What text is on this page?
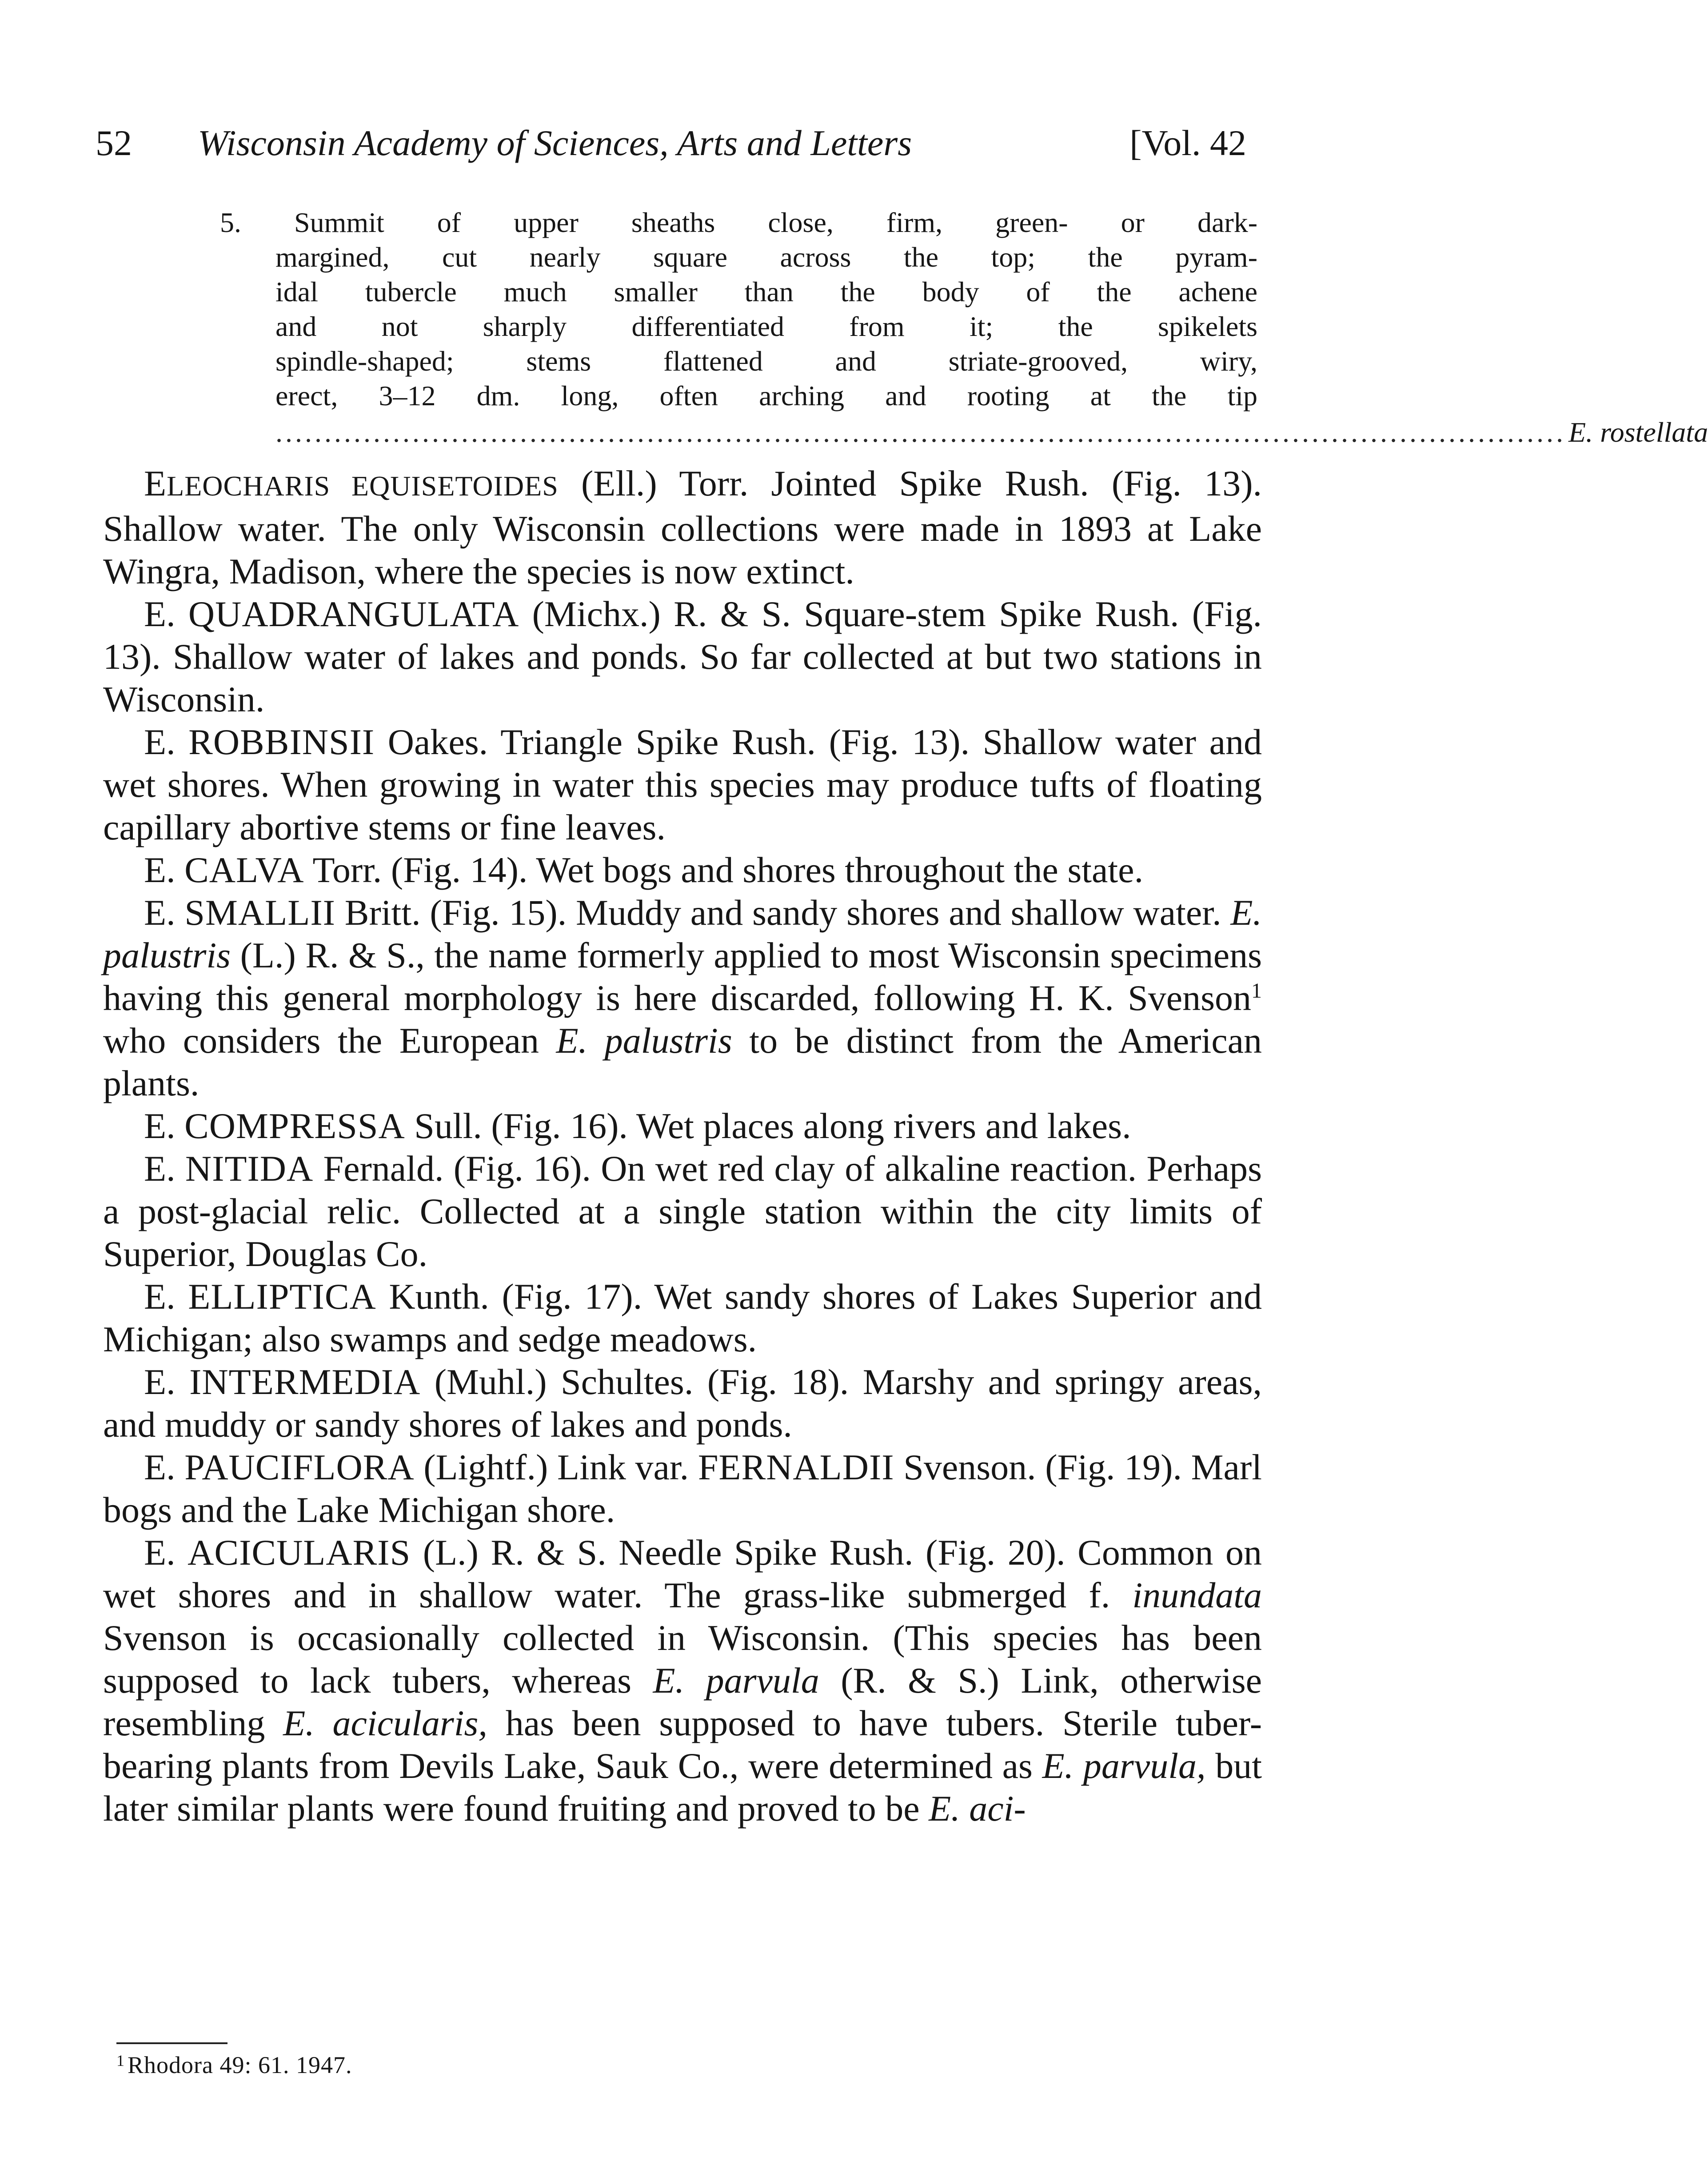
52 Wisconsin Academy of Sciences, Arts and Letters	[Vol. 42
5. Summit of upper sheaths close, firm, green- or dark-
margined, cut nearly square across the top; the pyram-
idal tubercle much smaller than the body of the achene
and not sharply differentiated from it; the spikelets
spindle-shaped; stems flattened and striate-grooved, wiry,
erect, 3–12 dm. long, often arching and rooting at the tip
.................................................................................................................................... E. rostellata

ELEOCHARIS EQUISETOIDES (Ell.) Torr. Jointed Spike Rush. (Fig. 13). Shallow water. The only Wisconsin collections were made in 1893 at Lake Wingra, Madison, where the species is now extinct.

E. QUADRANGULATA (Michx.) R. & S. Square-stem Spike Rush. (Fig. 13). Shallow water of lakes and ponds. So far collected at but two stations in Wisconsin.

E. ROBBINSII Oakes. Triangle Spike Rush. (Fig. 13). Shallow water and wet shores. When growing in water this species may produce tufts of floating capillary abortive stems or fine leaves.

E. CALVA Torr. (Fig. 14). Wet bogs and shores throughout the state.

E. SMALLII Britt. (Fig. 15). Muddy and sandy shores and shallow water. E. palustris (L.) R. & S., the name formerly applied to most Wisconsin specimens having this general morphology is here discarded, following H. K. Svenson$^1$ who considers the European E. palustris to be distinct from the American plants.

E. COMPRESSA Sull. (Fig. 16). Wet places along rivers and lakes.

E. NITIDA Fernald. (Fig. 16). On wet red clay of alkaline reaction. Perhaps a post-glacial relic. Collected at a single station within the city limits of Superior, Douglas Co.

E. ELLIPTICA Kunth. (Fig. 17). Wet sandy shores of Lakes Superior and Michigan; also swamps and sedge meadows.

E. INTERMEDIA (Muhl.) Schultes. (Fig. 18). Marshy and springy areas, and muddy or sandy shores of lakes and ponds.

E. PAUCIFLORA (Lightf.) Link var. FERNALDII Svenson. (Fig. 19). Marl bogs and the Lake Michigan shore.

E. ACICULARIS (L.) R. & S. Needle Spike Rush. (Fig. 20). Common on wet shores and in shallow water. The grass-like submerged f. inundata Svenson is occasionally collected in Wisconsin. (This species has been supposed to lack tubers, whereas E. parvula (R. & S.) Link, otherwise resembling E. acicularis, has been supposed to have tubers. Sterile tuber-bearing plants from Devils Lake, Sauk Co., were determined as E. parvula, but later similar plants were found fruiting and proved to be E. aci-

$^1$ Rhodora 49: 61. 1947.
